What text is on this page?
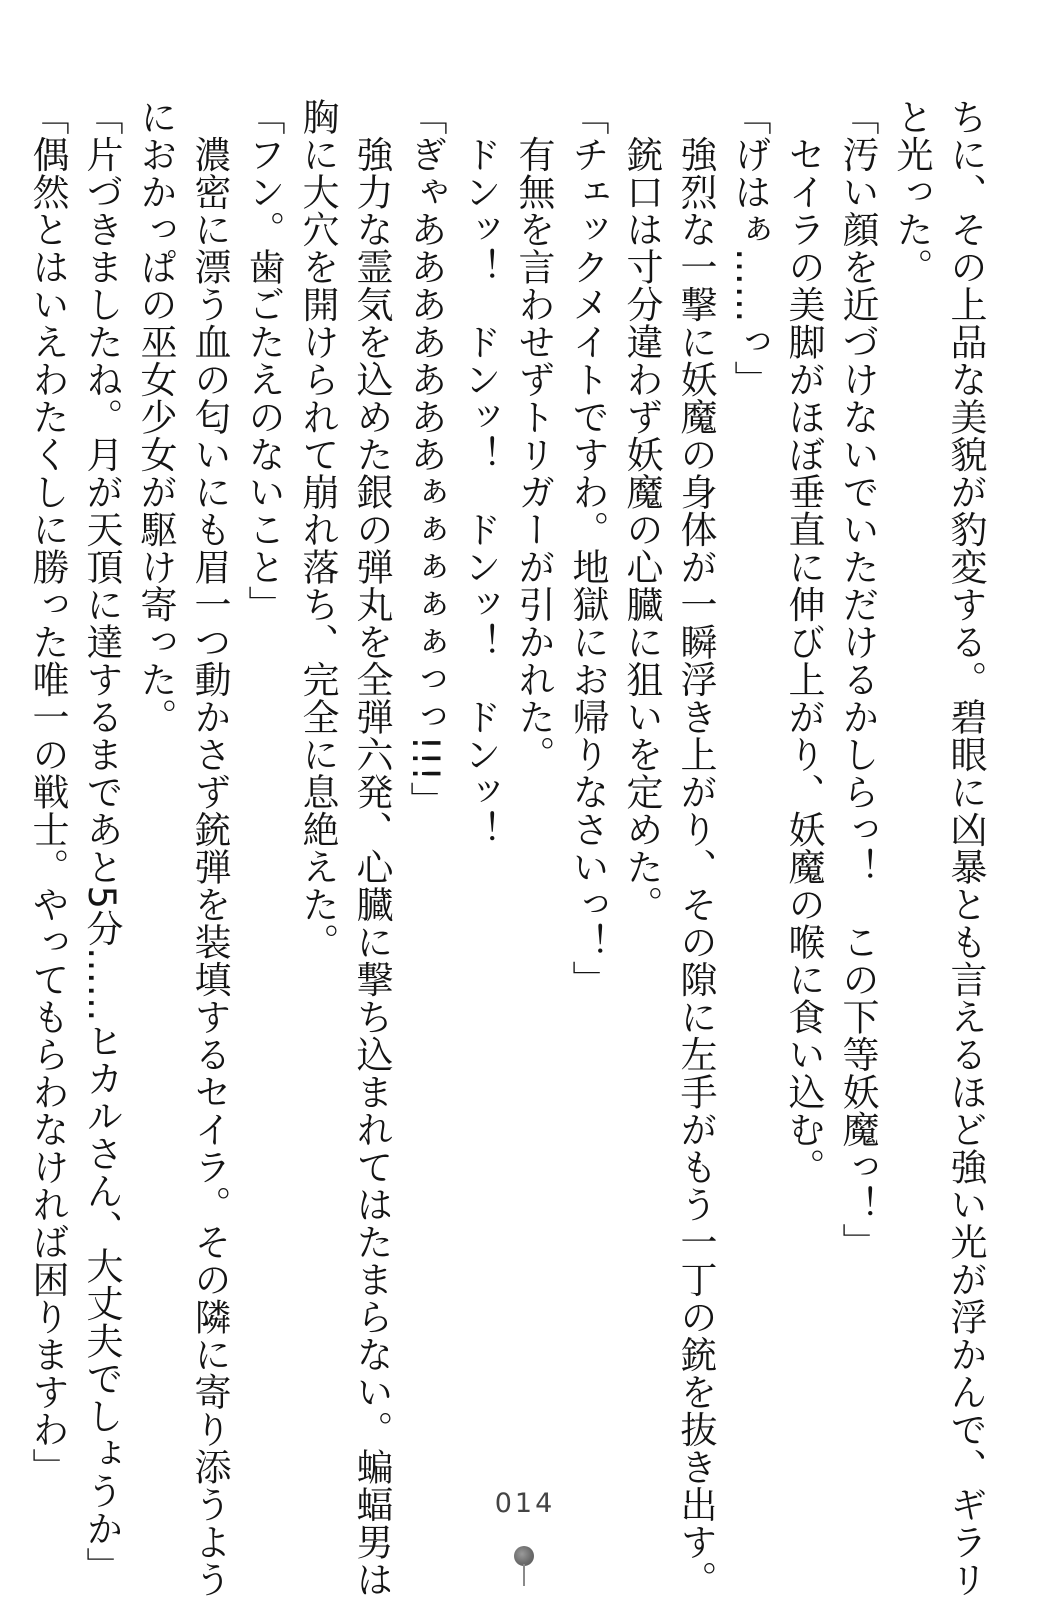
ちに、その上品な美貌が豹変する。碧眼に凶暴とも言えるほど強い光が浮かんで、ギラリ
と光った。
「汚い顔を近づけないでいただけるかしらっ！　この下等妖魔っ！」
　セイラの美脚がほぼ垂直に伸び上がり、妖魔の喉に食い込む。
「げはぁ……っ」
　強烈な一撃に妖魔の身体が一瞬浮き上がり、その隙に左手がもう一丁の銃を抜き出す。
　銃口は寸分違わず妖魔の心臓に狙いを定めた。
「チェックメイトですわ。地獄にお帰りなさいっ！」
　有無を言わせずトリガーが引かれた。
　ドンッ！　ドンッ！　ドンッ！　ドンッ！
「ぎゃあああああああぁぁぁぁぁっっ!!!」
　強力な霊気を込めた銀の弾丸を全弾六発、心臓に撃ち込まれてはたまらない。蝙蝠男は
胸に大穴を開けられて崩れ落ち、完全に息絶えた。
「フン。歯ごたえのないこと」
　濃密に漂う血の匂いにも眉一つ動かさず銃弾を装填するセイラ。その隣に寄り添うよう
におかっぱの巫女少女が駆け寄った。
「片づきましたね。月が天頂に達するまであと5分……ヒカルさん、大丈夫でしょうか」
「偶然とはいえわたくしに勝った唯一の戦士。やってもらわなければ困りますわ」
014
